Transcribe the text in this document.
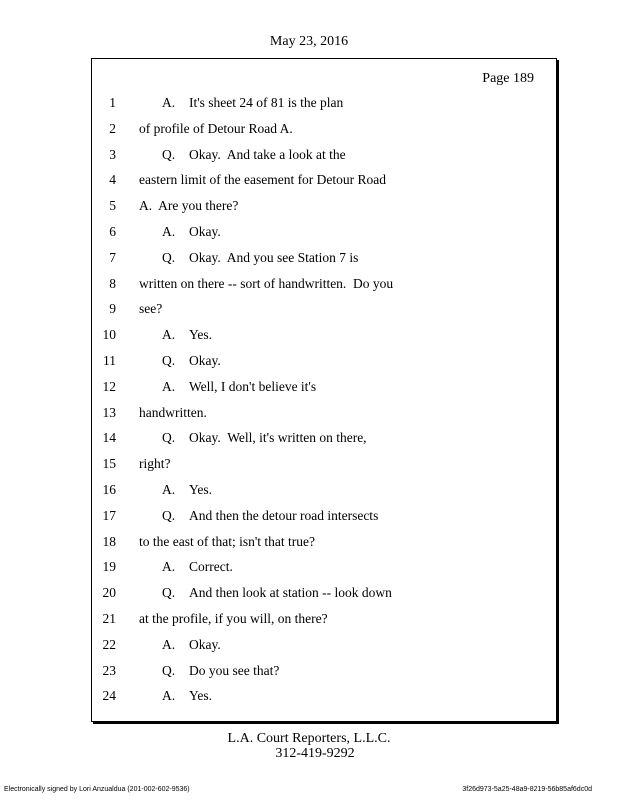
May 23, 2016
Page 189
1	A. It's sheet 24 of 81 is the plan
2 of profile of Detour Road A.
3	Q. Okay.  And take a look at the
4 eastern limit of the easement for Detour Road
5 A.  Are you there?
6	A. Okay.
7	Q. Okay.  And you see Station 7 is
8 written on there -- sort of handwritten.  Do you
9 see?
10	A. Yes.
11	Q. Okay.
12	A. Well, I don't believe it's
13 handwritten.
14	Q. Okay.  Well, it's written on there,
15 right?
16	A. Yes.
17	Q. And then the detour road intersects
18 to the east of that; isn't that true?
19	A. Correct.
20	Q. And then look at station -- look down
21 at the profile, if you will, on there?
22	A. Okay.
23	Q. Do you see that?
24	A. Yes.
L.A. Court Reporters, L.L.C.
312-419-9292
Electronically signed by Lori Anzualdua (201-002-602-9536)	3f26d973-5a25-48a9-8219-56b85af6dc0d
